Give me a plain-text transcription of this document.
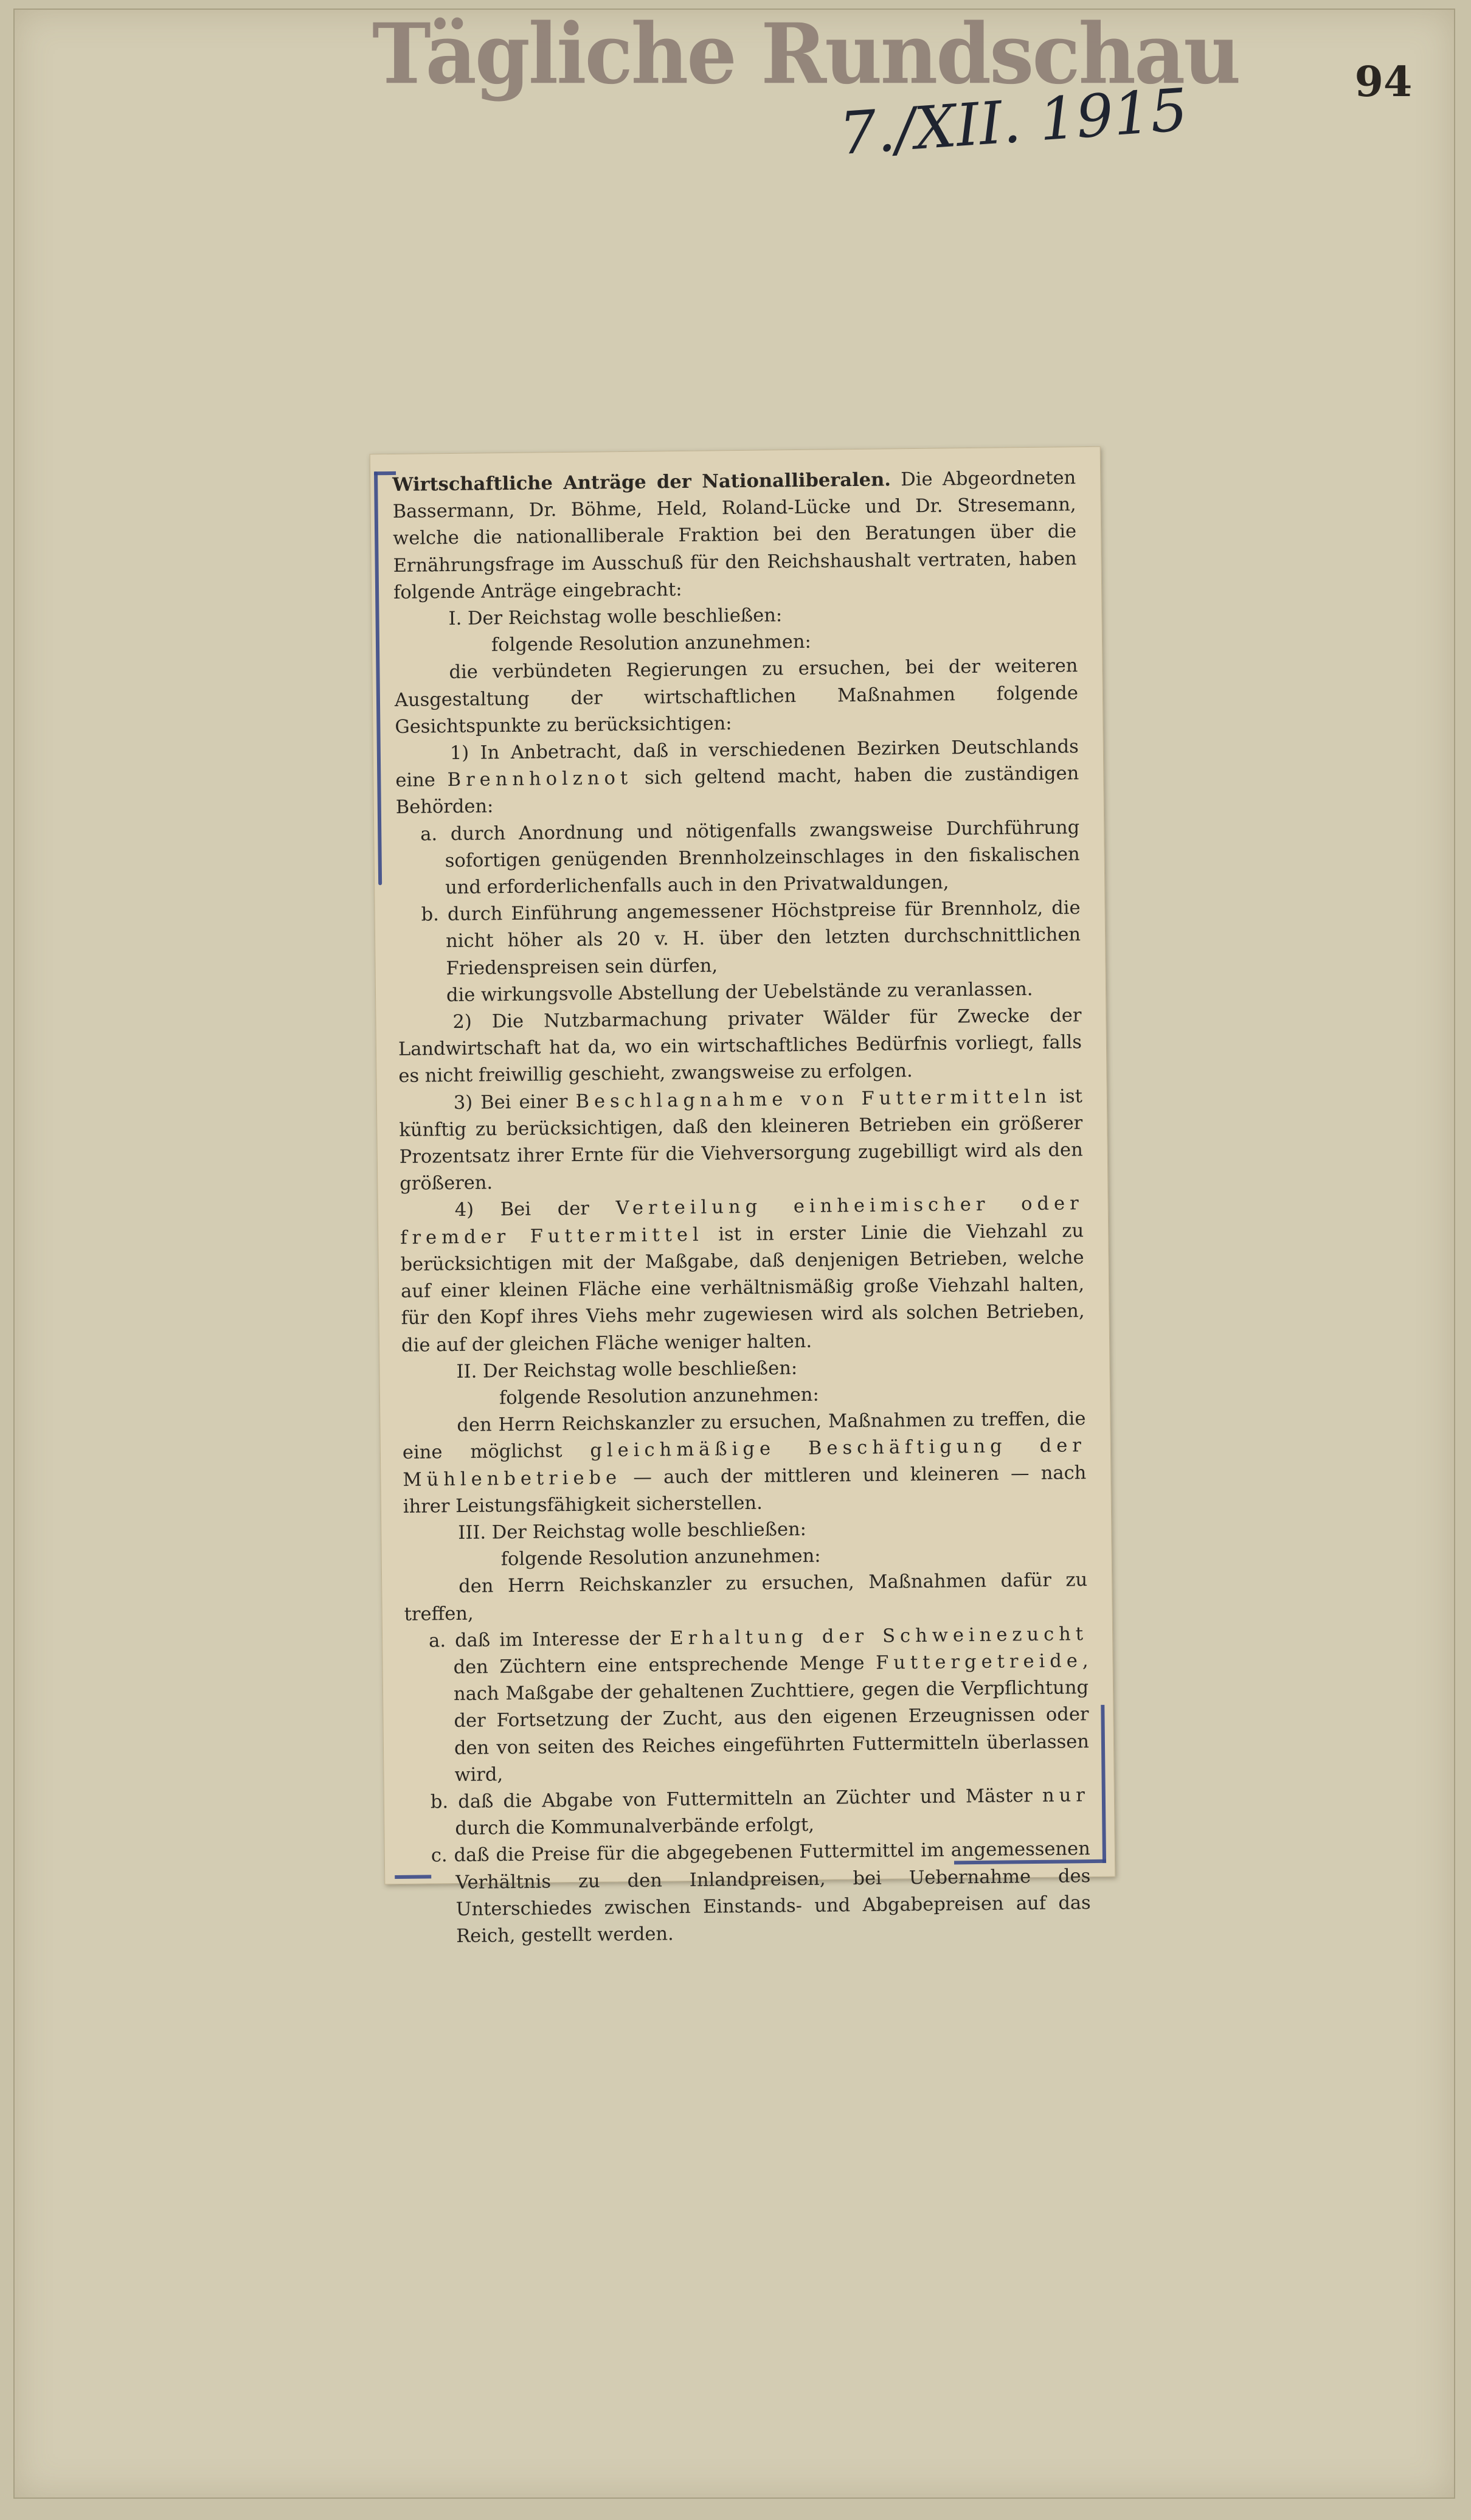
Tägliche Rundschau
7./XII. 1915	94

Wirtschaftliche Anträge der Nationalliberalen. Die Abgeordneten Bassermann, Dr. Böhme, Held, Roland-Lücke und Dr. Stresemann, welche die nationalliberale Fraktion bei den Beratungen über die Ernährungsfrage im Ausschuß für den Reichshaushalt vertraten, haben folgende Anträge eingebracht:

I. Der Reichstag wolle beschließen:

folgende Resolution anzunehmen:

die verbündeten Regierungen zu ersuchen, bei der weiteren Ausgestaltung der wirtschaftlichen Maßnahmen folgende Gesichtspunkte zu berücksichtigen:

1) In Anbetracht, daß in verschiedenen Bezirken Deutschlands eine Brennholznot sich geltend macht, haben die zuständigen Behörden:

a. durch Anordnung und nötigenfalls zwangsweise Durchführung sofortigen genügenden Brennholzeinschlages in den fiskalischen und erforderlichenfalls auch in den Privatwaldungen,

b. durch Einführung angemessener Höchstpreise für Brennholz, die nicht höher als 20 v. H. über den letzten durchschnittlichen Friedenspreisen sein dürfen,

die wirkungsvolle Abstellung der Uebelstände zu veranlassen.

2) Die Nutzbarmachung privater Wälder für Zwecke der Landwirtschaft hat da, wo ein wirtschaftliches Bedürfnis vorliegt, falls es nicht freiwillig geschieht, zwangsweise zu erfolgen.

3) Bei einer Beschlagnahme von Futtermitteln ist künftig zu berücksichtigen, daß den kleineren Betrieben ein größerer Prozentsatz ihrer Ernte für die Viehversorgung zugebilligt wird als den größeren.

4) Bei der Verteilung einheimischer oder fremder Futtermittel ist in erster Linie die Viehzahl zu berücksichtigen mit der Maßgabe, daß denjenigen Betrieben, welche auf einer kleinen Fläche eine verhältnismäßig große Viehzahl halten, für den Kopf ihres Viehs mehr zugewiesen wird als solchen Betrieben, die auf der gleichen Fläche weniger halten.

II. Der Reichstag wolle beschließen:

folgende Resolution anzunehmen:

den Herrn Reichskanzler zu ersuchen, Maßnahmen zu treffen, die eine möglichst gleichmäßige Beschäftigung der Mühlenbetriebe — auch der mittleren und kleineren — nach ihrer Leistungsfähigkeit sicherstellen.

III. Der Reichstag wolle beschließen:

folgende Resolution anzunehmen:

den Herrn Reichskanzler zu ersuchen, Maßnahmen dafür zu treffen,

a. daß im Interesse der Erhaltung der Schweinezucht den Züchtern eine entsprechende Menge Futtergetreide, nach Maßgabe der gehaltenen Zuchttiere, gegen die Verpflichtung der Fortsetzung der Zucht, aus den eigenen Erzeugnissen oder den von seiten des Reiches eingeführten Futtermitteln überlassen wird,

b. daß die Abgabe von Futtermitteln an Züchter und Mäster nur durch die Kommunalverbände erfolgt,

c. daß die Preise für die abgegebenen Futtermittel im angemessenen Verhältnis zu den Inlandpreisen, bei Uebernahme des Unterschiedes zwischen Einstands- und Abgabepreisen auf das Reich, gestellt werden.
